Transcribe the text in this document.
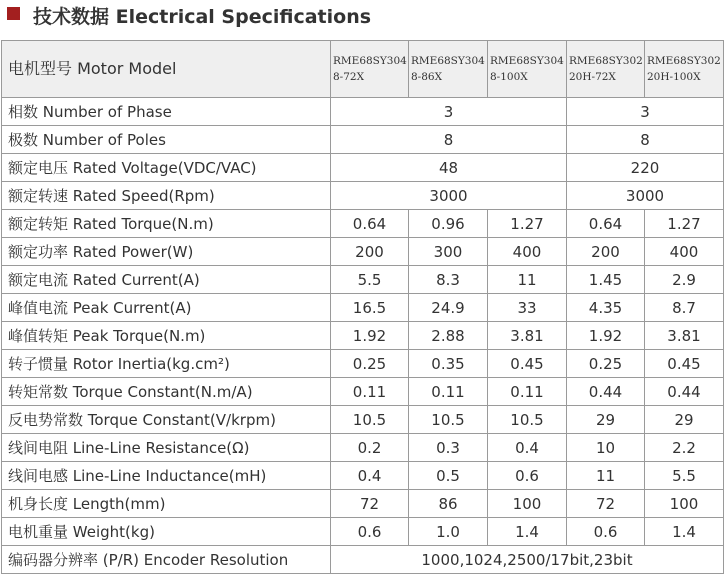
技术数据 Electrical Specifications
电机型号 Motor Model	RME68SY3048-72X	RME68SY3048-86X	RME68SY3048-100X	RME68SY30220H-72X	RME68SY30220H-100X
相数 Number of Phase	3			3	
极数 Number of Poles	8			8	
额定电压 Rated Voltage(VDC/VAC)	48			220	
额定转速 Rated Speed(Rpm)	3000			3000	
额定转矩 Rated Torque(N.m)	0.64	0.96	1.27	0.64	1.27
额定功率 Rated Power(W)	200	300	400	200	400
额定电流 Rated Current(A)	5.5	8.3	11	1.45	2.9
峰值电流 Peak Current(A)	16.5	24.9	33	4.35	8.7
峰值转矩 Peak Torque(N.m)	1.92	2.88	3.81	1.92	3.81
转子惯量 Rotor Inertia(kg.cm²)	0.25	0.35	0.45	0.25	0.45
转矩常数 Torque Constant(N.m/A)	0.11	0.11	0.11	0.44	0.44
反电势常数 Torque Constant(V/krpm)	10.5	10.5	10.5	29	29
线间电阻 Line-Line Resistance(Ω)	0.2	0.3	0.4	10	2.2
线间电感 Line-Line Inductance(mH)	0.4	0.5	0.6	11	5.5
机身长度 Length(mm)	72	86	100	72	100
电机重量 Weight(kg)	0.6	1.0	1.4	0.6	1.4
编码器分辨率 (P/R) Encoder Resolution	1000,1024,2500/17bit,23bit				
